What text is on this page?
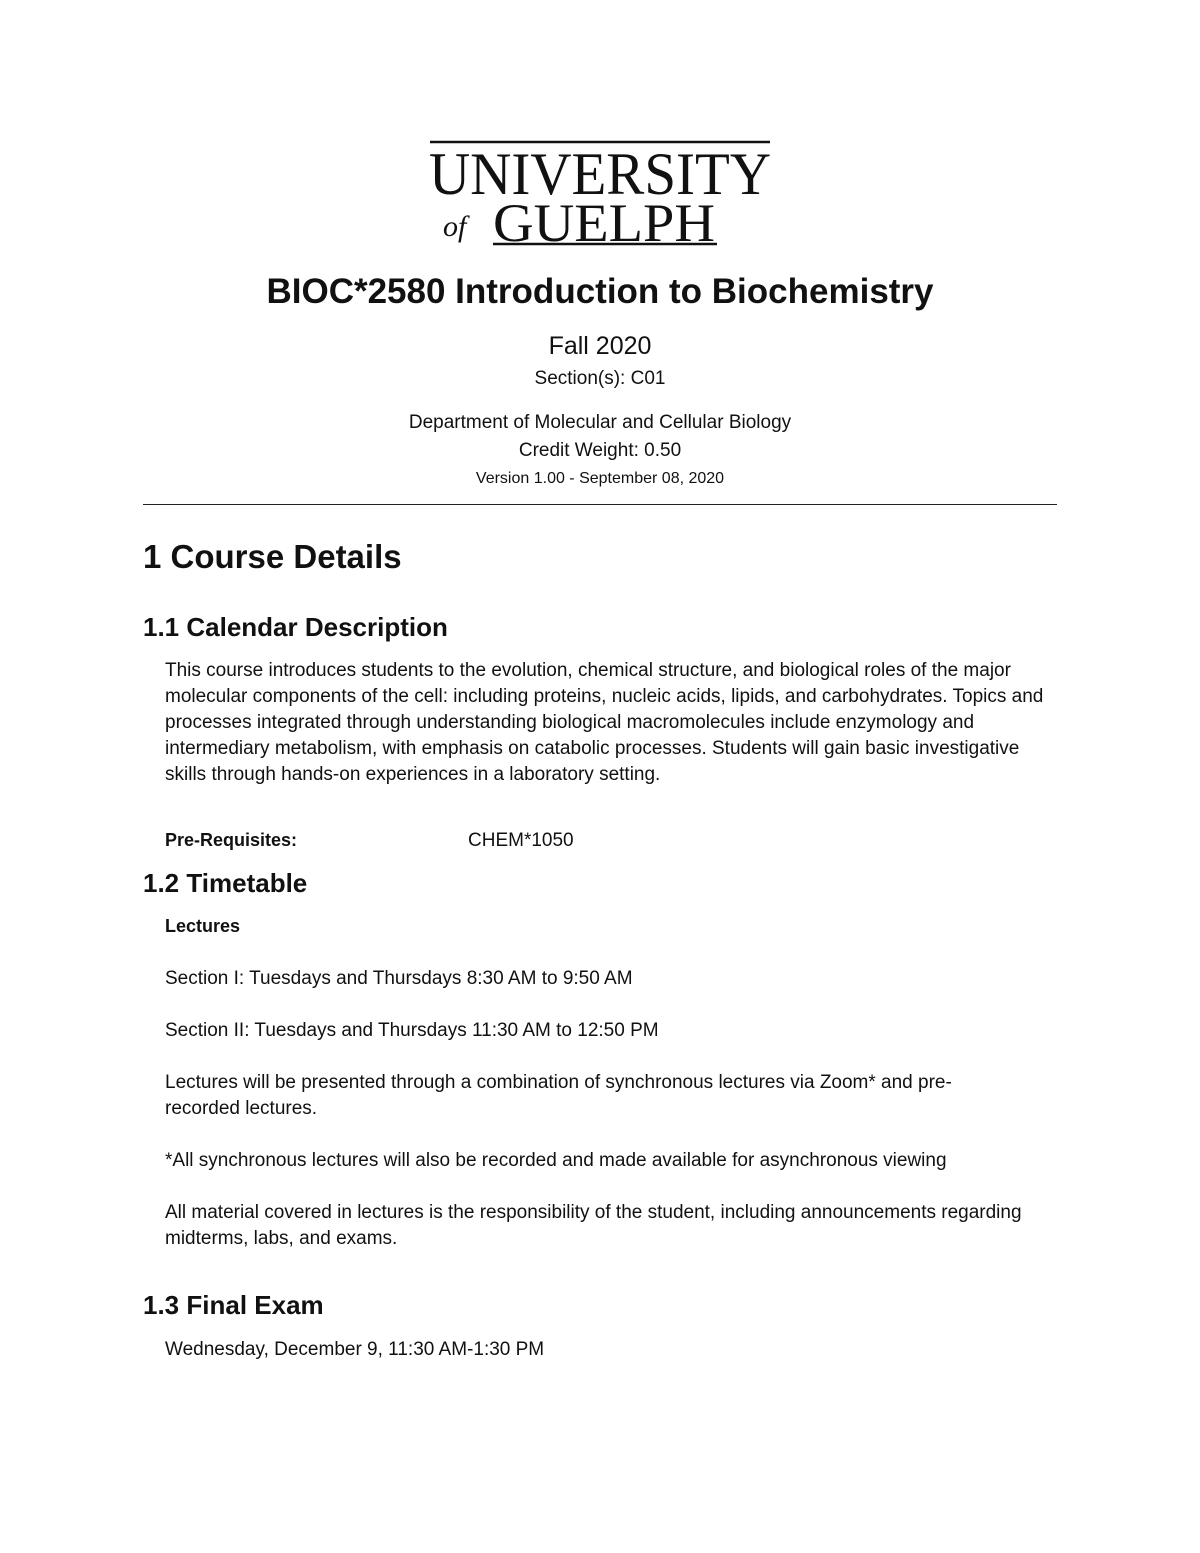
UNIVERSITY
of GUELPH
BIOC*2580 Introduction to Biochemistry
Fall 2020
Section(s): C01
Department of Molecular and Cellular Biology
Credit Weight: 0.50
Version 1.00 - September 08, 2020
1 Course Details
1.1 Calendar Description
This course introduces students to the evolution, chemical structure, and biological roles of the major molecular components of the cell: including proteins, nucleic acids, lipids, and carbohydrates. Topics and processes integrated through understanding biological macromolecules include enzymology and intermediary metabolism, with emphasis on catabolic processes. Students will gain basic investigative skills through hands-on experiences in a laboratory setting.
Pre-Requisites:	CHEM*1050
1.2 Timetable
Lectures
Section I: Tuesdays and Thursdays 8:30 AM to 9:50 AM
Section II: Tuesdays and Thursdays 11:30 AM to 12:50 PM
Lectures will be presented through a combination of synchronous lectures via Zoom* and pre-recorded lectures.
*All synchronous lectures will also be recorded and made available for asynchronous viewing
All material covered in lectures is the responsibility of the student, including announcements regarding midterms, labs, and exams.
1.3 Final Exam
Wednesday, December 9, 11:30 AM-1:30 PM
